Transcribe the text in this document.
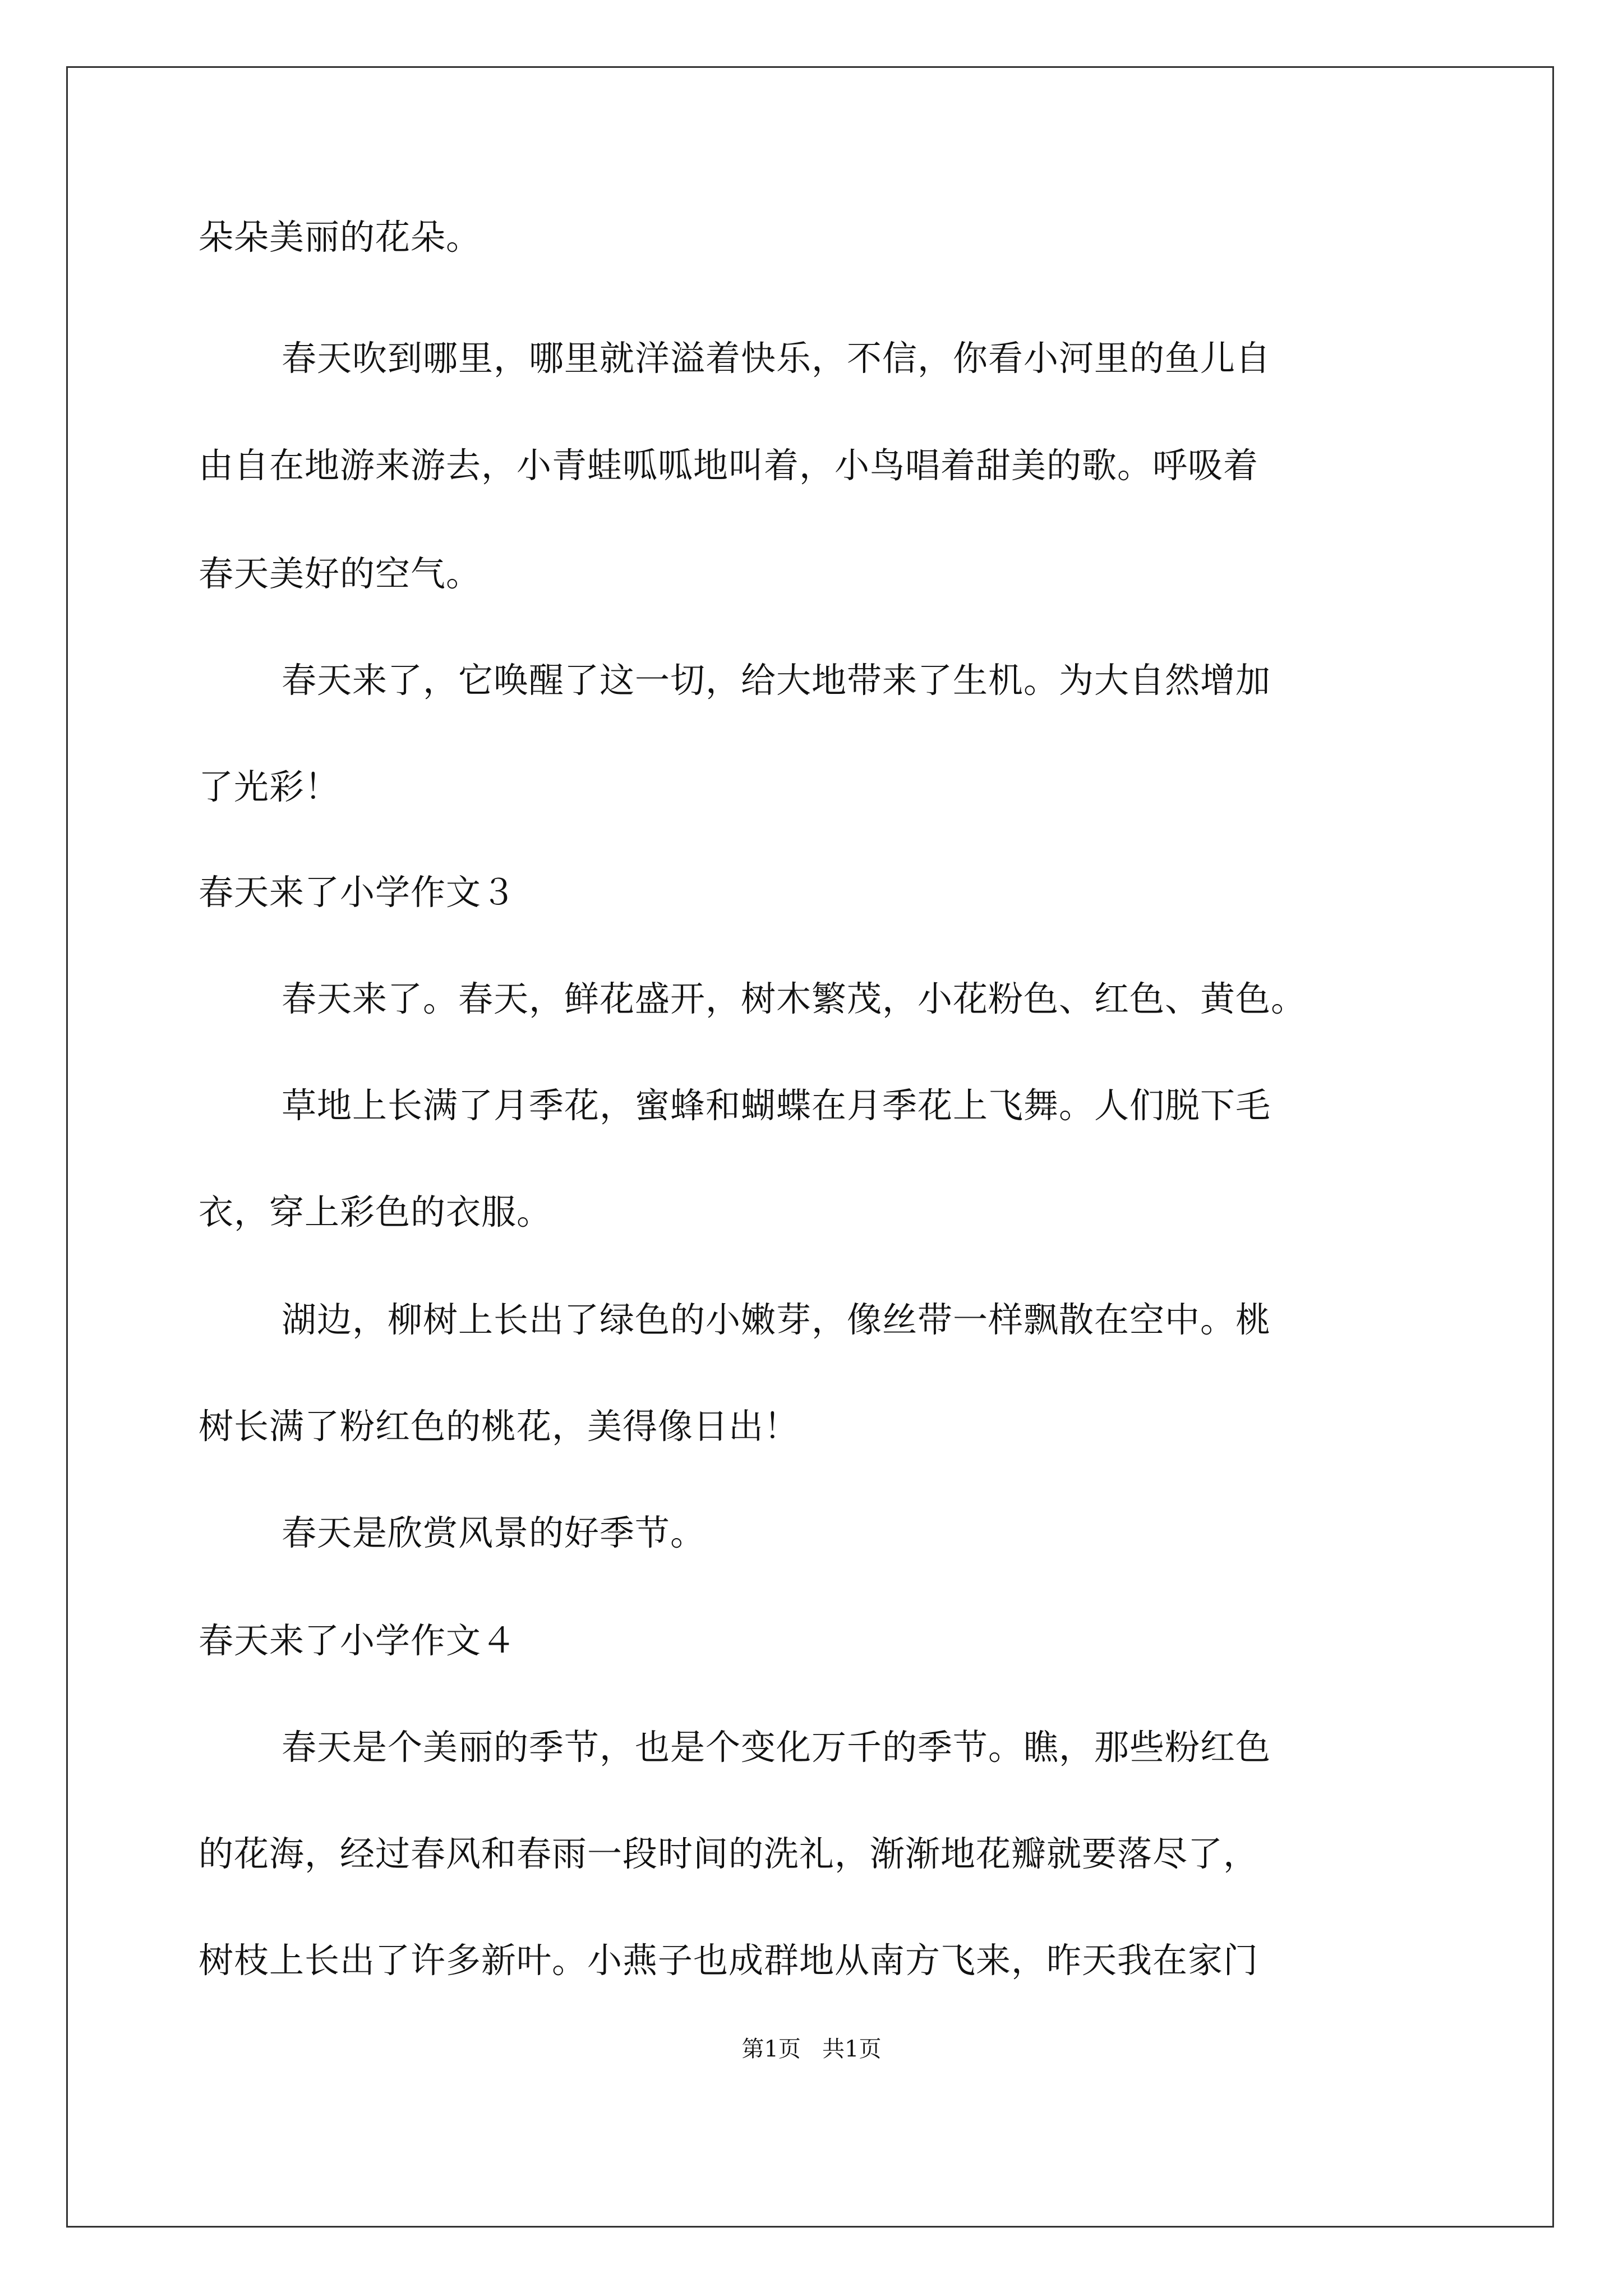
朵朵美丽的花朵。
春天吹到哪里，哪里就洋溢着快乐，不信，你看小河里的鱼儿自
由自在地游来游去，小青蛙呱呱地叫着，小鸟唱着甜美的歌。呼吸着
春天美好的空气。
春天来了，它唤醒了这一切，给大地带来了生机。为大自然增加
了光彩！
春天来了小学作文３
春天来了。春天，鲜花盛开，树木繁茂，小花粉色、红色、黄色。
草地上长满了月季花，蜜蜂和蝴蝶在月季花上飞舞。人们脱下毛
衣，穿上彩色的衣服。
湖边，柳树上长出了绿色的小嫩芽，像丝带一样飘散在空中。桃
树长满了粉红色的桃花，美得像日出！
春天是欣赏风景的好季节。
春天来了小学作文４
春天是个美丽的季节，也是个变化万千的季节。瞧，那些粉红色
的花海，经过春风和春雨一段时间的洗礼，渐渐地花瓣就要落尽了，
树枝上长出了许多新叶。小燕子也成群地从南方飞来，昨天我在家门
第1页   共1页
